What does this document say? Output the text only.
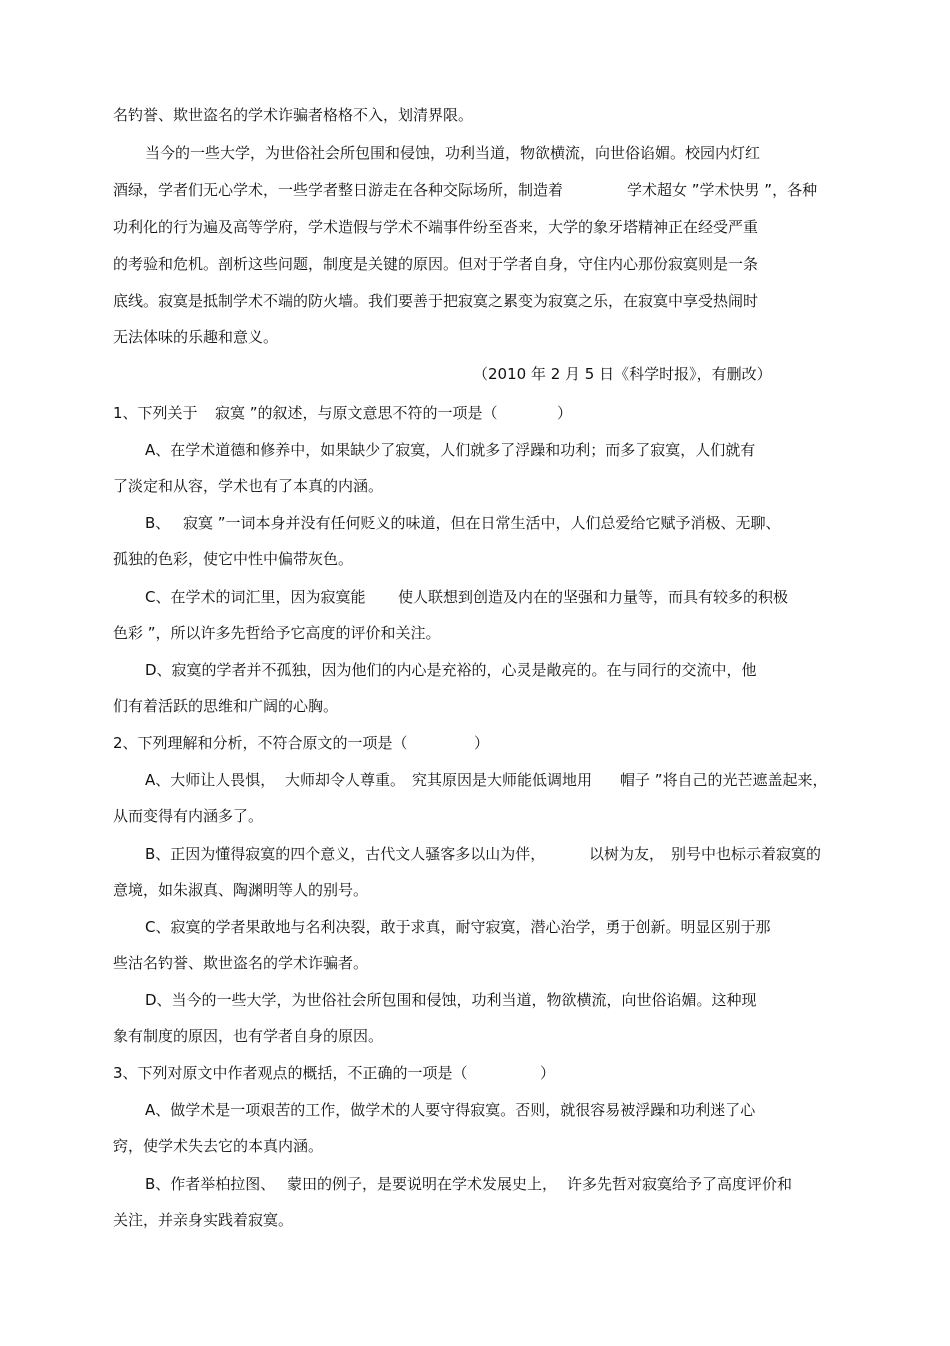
名钓誉、欺世盗名的学术诈骗者格格不入，划清界限。
当今的一些大学，为世俗社会所包围和侵蚀，功利当道，物欲横流，向世俗谄媚。校园内灯红
酒绿，学者们无心学术，一些学者整日游走在各种交际场所，制造着	学术超女 ”学术快男 ”，各种
功利化的行为遍及高等学府，学术造假与学术不端事件纷至沓来，大学的象牙塔精神正在经受严重
的考验和危机。剖析这些问题，制度是关键的原因。但对于学者自身，守住内心那份寂寞则是一条
底线。寂寞是抵制学术不端的防火墙。我们要善于把寂寞之累变为寂寞之乐，在寂寞中享受热闹时
无法体味的乐趣和意义。
（2010 年 2 月 5 日《科学时报》，有删改）
1、下列关于 寂寞 ”的叙述，与原文意思不符的一项是（	）
A、在学术道德和修养中，如果缺少了寂寞，人们就多了浮躁和功利；而多了寂寞，人们就有
了淡定和从容，学术也有了本真的内涵。
B、 寂寞 ”一词本身并没有任何贬义的味道，但在日常生活中，人们总爱给它赋予消极、无聊、
孤独的色彩，使它中性中偏带灰色。
C、在学术的词汇里，因为寂寞能 使人联想到创造及内在的坚强和力量等，而具有较多的积极
色彩 ”，所以许多先哲给予它高度的评价和关注。
D、寂寞的学者并不孤独，因为他们的内心是充裕的，心灵是敞亮的。在与同行的交流中，他
们有着活跃的思维和广阔的心胸。
2、下列理解和分析，不符合原文的一项是（	）
A、大师让人畏惧， 大师却令人尊重。 究其原因是大师能低调地用 帽子 ”将自己的光芒遮盖起来，
从而变得有内涵多了。
B、正因为懂得寂寞的四个意义，古代文人骚客多以山为伴，	以树为友， 别号中也标示着寂寞的
意境，如朱淑真、陶渊明等人的别号。
C、寂寞的学者果敢地与名利决裂，敢于求真，耐守寂寞，潜心治学，勇于创新。明显区别于那
些沽名钓誉、欺世盗名的学术诈骗者。
D、当今的一些大学，为世俗社会所包围和侵蚀，功利当道，物欲横流，向世俗谄媚。这种现
象有制度的原因，也有学者自身的原因。
3、下列对原文中作者观点的概括，不正确的一项是（	）
A、做学术是一项艰苦的工作，做学术的人要守得寂寞。否则，就很容易被浮躁和功利迷了心
窍，使学术失去它的本真内涵。
B、作者举柏拉图、 蒙田的例子，是要说明在学术发展史上， 许多先哲对寂寞给予了高度评价和
关注，并亲身实践着寂寞。
